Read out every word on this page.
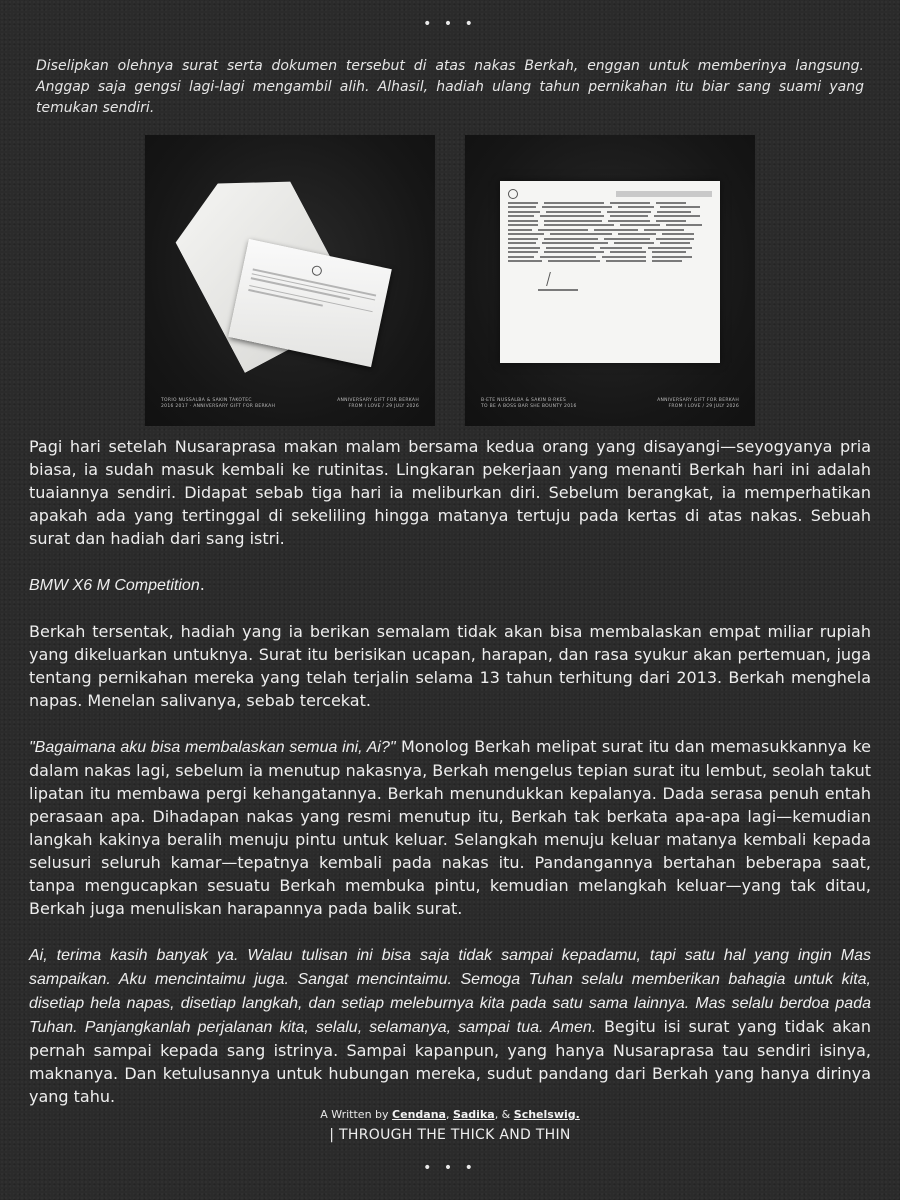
• • •
Diselipkan olehnya surat serta dokumen tersebut di atas nakas Berkah, enggan untuk memberinya langsung. Anggap saja gengsi lagi-lagi mengambil alih. Alhasil, hadiah ulang tahun pernikahan itu biar sang suami yang temukan sendiri.
TORIO NUSSALBA & SAKIN TAKOTEC
2016 2017 · ANNIVERSARY GIFT FOR BERKAH
ANNIVERSARY GIFT FOR BERKAH
FROM I LOVE / 29 JULY 2026
B·ETE NUSSALBA & SAKIN B·RKES
TO BE A BOSS BAR SHE BOUNTY 2016
ANNIVERSARY GIFT FOR BERKAH
FROM I LOVE / 29 JULY 2026

Pagi hari setelah Nusaraprasa makan malam bersama kedua orang yang disayangi—seyogyanya pria biasa, ia sudah masuk kembali ke rutinitas. Lingkaran pekerjaan yang menanti Berkah hari ini adalah tuaiannya sendiri. Didapat sebab tiga hari ia meliburkan diri. Sebelum berangkat, ia memperhatikan apakah ada yang tertinggal di sekeliling hingga matanya tertuju pada kertas di atas nakas. Sebuah surat dan hadiah dari sang istri.

BMW X6 M Competition.

Berkah tersentak, hadiah yang ia berikan semalam tidak akan bisa membalaskan empat miliar rupiah yang dikeluarkan untuknya. Surat itu berisikan ucapan, harapan, dan rasa syukur akan pertemuan, juga tentang pernikahan mereka yang telah terjalin selama 13 tahun terhitung dari 2013. Berkah menghela napas. Menelan salivanya, sebab tercekat.

"Bagaimana aku bisa membalaskan semua ini, Ai?" Monolog Berkah melipat surat itu dan memasukkannya ke dalam nakas lagi, sebelum ia menutup nakasnya, Berkah mengelus tepian surat itu lembut, seolah takut lipatan itu membawa pergi kehangatannya. Berkah menundukkan kepalanya. Dada serasa penuh entah perasaan apa. Dihadapan nakas yang resmi menutup itu, Berkah tak berkata apa-apa lagi—kemudian langkah kakinya beralih menuju pintu untuk keluar. Selangkah menuju keluar matanya kembali kepada selusuri seluruh kamar—tepatnya kembali pada nakas itu. Pandangannya bertahan beberapa saat, tanpa mengucapkan sesuatu Berkah membuka pintu, kemudian melangkah keluar—yang tak ditau, Berkah juga menuliskan harapannya pada balik surat.

Ai, terima kasih banyak ya. Walau tulisan ini bisa saja tidak sampai kepadamu, tapi satu hal yang ingin Mas sampaikan. Aku mencintaimu juga. Sangat mencintaimu. Semoga Tuhan selalu memberikan bahagia untuk kita, disetiap hela napas, disetiap langkah, dan setiap meleburnya kita pada satu sama lainnya. Mas selalu berdoa pada Tuhan. Panjangkanlah perjalanan kita, selalu, selamanya, sampai tua. Amen. Begitu isi surat yang tidak akan pernah sampai kepada sang istrinya. Sampai kapanpun, yang hanya Nusaraprasa tau sendiri isinya, maknanya. Dan ketulusannya untuk hubungan mereka, sudut pandang dari Berkah yang hanya dirinya yang tahu.

A Written by Cendana, Sadika, & Schelswig.
| THROUGH THE THICK AND THIN
• • •
